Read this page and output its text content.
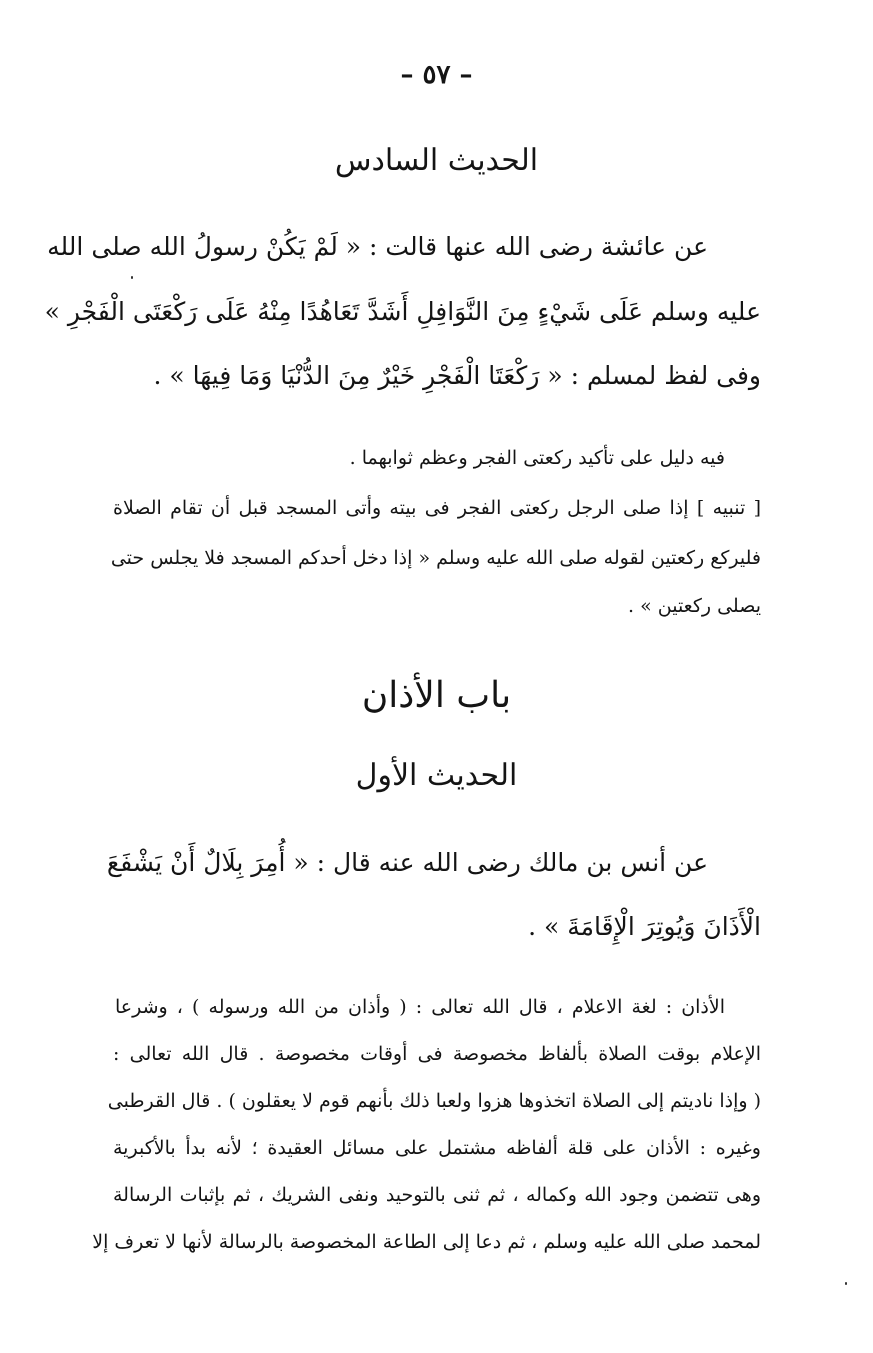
– ٥٧ –
الحديث السادس
عن عائشة رضى الله عنها قالت : « لَمْ يَكُنْ رسولُ الله صلى الله
عليه وسلم عَلَى شَيْءٍ مِنَ النَّوَافِلِ أَشَدَّ تَعَاهُدًا مِنْهُ عَلَى رَكْعَتَى الْفَجْرِ »
وفى لفظ لمسلم : « رَكْعَتَا الْفَجْرِ خَيْرٌ مِنَ الدُّنْيَا وَمَا فِيهَا » .
فيه دليل على تأكيد ركعتى الفجر وعظم ثوابهما .
[ تنبيه ] إذا صلى الرجل ركعتى الفجر فى بيته وأتى المسجد قبل أن تقام الصلاة
فليركع ركعتين لقوله صلى الله عليه وسلم « إذا دخل أحدكم المسجد فلا يجلس حتى
يصلى ركعتين » .
باب الأذان
الحديث الأول
عن أنس بن مالك رضى الله عنه قال : « أُمِرَ بِلَالٌ أَنْ يَشْفَعَ
الْأَذَانَ وَيُوتِرَ الْإِقَامَةَ » .
الأذان : لغة الاعلام ، قال الله تعالى : ( وأذان من الله ورسوله ) ، وشرعا
الإعلام بوقت الصلاة بألفاظ مخصوصة فى أوقات مخصوصة . قال الله تعالى :
( وإذا ناديتم إلى الصلاة اتخذوها هزوا ولعبا ذلك بأنهم قوم لا يعقلون ) . قال القرطبى
وغيره : الأذان على قلة ألفاظه مشتمل على مسائل العقيدة ؛ لأنه بدأ بالأكبرية
وهى تتضمن وجود الله وكماله ، ثم ثنى بالتوحيد ونفى الشريك ، ثم بإثبات الرسالة
لمحمد صلى الله عليه وسلم ، ثم دعا إلى الطاعة المخصوصة بالرسالة لأنها لا تعرف إلا
